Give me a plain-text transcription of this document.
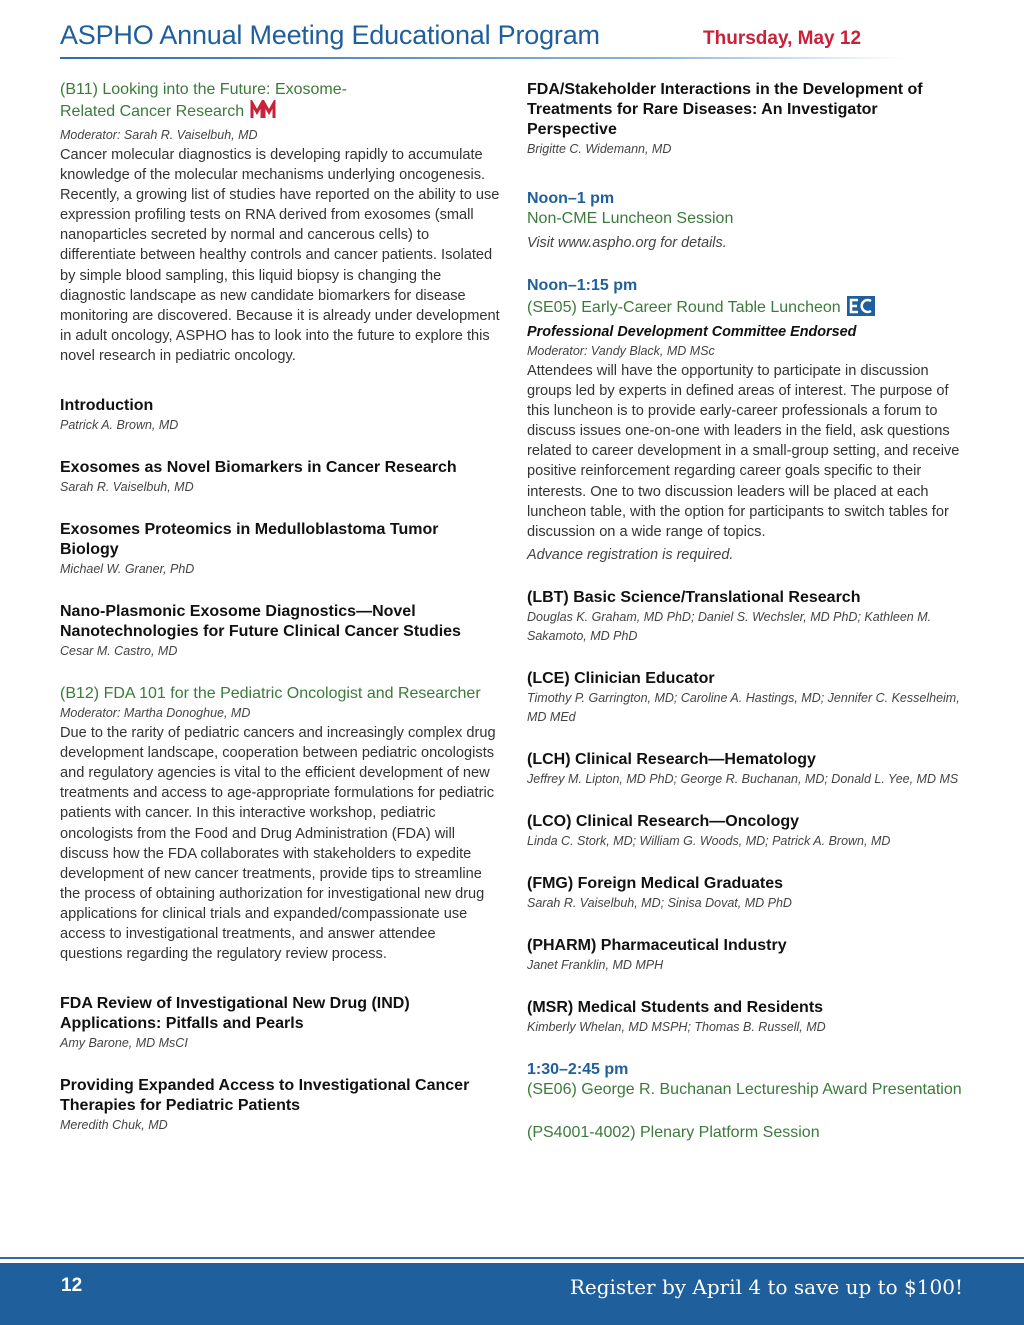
ASPHO Annual Meeting Educational Program	Thursday, May 12
(B11) Looking into the Future: Exosome-
Related Cancer Research
Moderator: Sarah R. Vaiselbuh, MD
Cancer molecular diagnostics is developing rapidly to accumulate knowledge of the molecular mechanisms underlying oncogenesis. Recently, a growing list of studies have reported on the ability to use expression profiling tests on RNA derived from exosomes (small nanoparticles secreted by normal and cancerous cells) to differentiate between healthy controls and cancer patients. Isolated by simple blood sampling, this liquid biopsy is changing the diagnostic landscape as new candidate biomarkers for disease monitoring are discovered. Because it is already under development in adult oncology, ASPHO has to look into the future to explore this novel research in pediatric oncology.
Introduction
Patrick A. Brown, MD
Exosomes as Novel Biomarkers in Cancer Research
Sarah R. Vaiselbuh, MD
Exosomes Proteomics in Medulloblastoma Tumor Biology
Michael W. Graner, PhD
Nano-Plasmonic Exosome Diagnostics—Novel Nanotechnologies for Future Clinical Cancer Studies
Cesar M. Castro, MD
(B12) FDA 101 for the Pediatric Oncologist and Researcher
Moderator: Martha Donoghue, MD
Due to the rarity of pediatric cancers and increasingly complex drug development landscape, cooperation between pediatric oncologists and regulatory agencies is vital to the efficient development of new treatments and access to age-appropriate formulations for pediatric patients with cancer. In this interactive workshop, pediatric oncologists from the Food and Drug Administration (FDA) will discuss how the FDA collaborates with stakeholders to expedite development of new cancer treatments, provide tips to streamline the process of obtaining authorization for investigational new drug applications for clinical trials and expanded/compassionate use access to investigational treatments, and answer attendee questions regarding the regulatory review process.
FDA Review of Investigational New Drug (IND) Applications: Pitfalls and Pearls
Amy Barone, MD MsCI
Providing Expanded Access to Investigational Cancer Therapies for Pediatric Patients
Meredith Chuk, MD
FDA/Stakeholder Interactions in the Development of Treatments for Rare Diseases: An Investigator Perspective
Brigitte C. Widemann, MD
Noon–1 pm
Non-CME Luncheon Session
Visit www.aspho.org for details.
Noon–1:15 pm
(SE05) Early-Career Round Table Luncheon
Professional Development Committee Endorsed
Moderator: Vandy Black, MD MSc
Attendees will have the opportunity to participate in discussion groups led by experts in defined areas of interest. The purpose of this luncheon is to provide early-career professionals a forum to discuss issues one-on-one with leaders in the field, ask questions related to career development in a small-group setting, and receive positive reinforcement regarding career goals specific to their interests. One to two discussion leaders will be placed at each luncheon table, with the option for participants to switch tables for discussion on a wide range of topics.
Advance registration is required.
(LBT) Basic Science/Translational Research
Douglas K. Graham, MD PhD; Daniel S. Wechsler, MD PhD; Kathleen M. Sakamoto, MD PhD
(LCE) Clinician Educator
Timothy P. Garrington, MD; Caroline A. Hastings, MD; Jennifer C. Kesselheim, MD MEd
(LCH) Clinical Research—Hematology
Jeffrey M. Lipton, MD PhD; George R. Buchanan, MD; Donald L. Yee, MD MS
(LCO) Clinical Research—Oncology
Linda C. Stork, MD; William G. Woods, MD; Patrick A. Brown, MD
(FMG) Foreign Medical Graduates
Sarah R. Vaiselbuh, MD; Sinisa Dovat, MD PhD
(PHARM) Pharmaceutical Industry
Janet Franklin, MD MPH
(MSR) Medical Students and Residents
Kimberly Whelan, MD MSPH; Thomas B. Russell, MD
1:30–2:45 pm
(SE06) George R. Buchanan Lectureship Award Presentation
(PS4001-4002) Plenary Platform Session
12	Register by April 4 to save up to $100!
